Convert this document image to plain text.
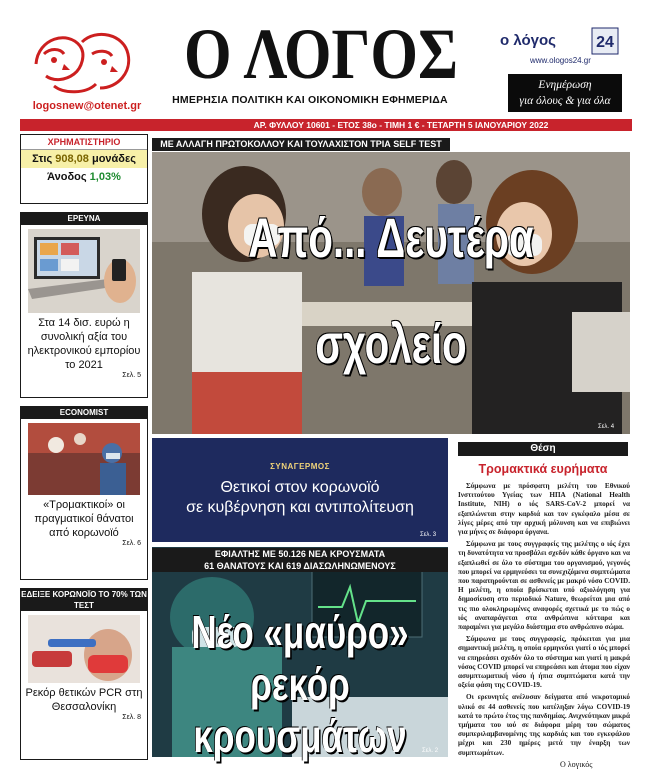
logosnew@otenet.gr
Ο ΛΟΓΟΣ
ΗΜΕΡΗΣΙΑ ΠΟΛΙΤΙΚΗ ΚΑΙ ΟΙΚΟΝΟΜΙΚΗ ΕΦΗΜΕΡΙΔΑ
ο λόγος	24
www.ologos24.gr
Ενημέρωση
για όλους & για όλα
ΑΡ. ΦΥΛΛΟΥ 10601 - ΕΤΟΣ 38ο - ΤΙΜΗ 1 € - ΤΕΤΑΡΤΗ 5 ΙΑΝΟΥΑΡΙΟΥ 2022
ΧΡΗΜΑΤΙΣΤΗΡΙΟ
Στις 908,08 μονάδες
Άνοδος 1,03%
ΕΡΕΥΝΑ
Στα 14 δισ. ευρώ η συνολική αξία του ηλεκτρονικού εμπορίου το 2021
Σελ. 5
ECONOMIST
«Τρομακτικοί» οι πραγματικοί θάνατοι από κορωνοϊό
Σελ. 6
ΕΔΕΙΞΕ ΚΟΡΩΝΟΪΟ ΤΟ 70% ΤΩΝ ΤΕΣΤ
Ρεκόρ θετικών PCR στη Θεσσαλονίκη
Σελ. 8
ΜΕ ΑΛΛΑΓΗ ΠΡΩΤΟΚΟΛΛΟΥ ΚΑΙ ΤΟΥΛΑΧΙΣΤΟΝ ΤΡΙΑ SELF TEST
Από... Δευτέρα
σχολείο
Σελ. 4
ΣΥΝΑΓΕΡΜΟΣ
Θετικοί στον κορωνοϊό
σε κυβέρνηση και αντιπολίτευση
Σελ. 3
ΕΦΙΑΛΤΗΣ ΜΕ 50.126 ΝΕΑ ΚΡΟΥΣΜΑΤΑ
61 ΘΑΝΑΤΟΥΣ ΚΑΙ 619 ΔΙΑΣΩΛΗΝΩΜΕΝΟΥΣ
Νέο «μαύρο»
ρεκόρ κρουσμάτων	Σελ. 2
Θέση
Τρομακτικά ευρήματα

Σύμφωνα με πρόσφατη μελέτη του Εθνικού Ινστιτούτου Υγείας των ΗΠΑ (National Health Institute, NIH) ο ιός SARS-CoV-2 μπορεί να εξαπλώνεται στην καρδιά και τον εγκέφαλο μέσα σε λίγες μέρες από την αρχική μόλυνση και να επιβιώνει για μήνες σε διάφορα όργανα.

Σύμφωνα με τους συγγραφείς της μελέτης ο ιός έχει τη δυνατότητα να προσβάλει σχεδόν κάθε όργανο και να εξαπλωθεί σε όλο το σύστημα του οργανισμού, γεγονός που μπορεί να ερμηνεύσει τα συνεχιζόμενα συμπτώματα που παρατηρούνται σε ασθενείς με μακρύ νόσο COVID. Η μελέτη, η οποία βρίσκεται υπό αξιολόγηση για δημοσίευση στο περιοδικό Nature, θεωρείται μια από τις πιο ολοκληρωμένες αναφορές σχετικά με το πώς ο ιός αναπαράγεται στα ανθρώπινα κύτταρα και παραμένει για μεγάλο διάστημα στο ανθρώπινο σώμα.

Σύμφωνα με τους συγγραφείς, πρόκειται για μια σημαντική μελέτη, η οποία ερμηνεύει γιατί ο ιός μπορεί να επηρεάσει σχεδόν όλο το σύστημα και γιατί η μακρά νόσος COVID μπορεί να επηρεάσει και άτομα που είχαν ασυμπτωματική νόσο ή ήπια συμπτώματα κατά την οξεία φάση της COVID-19.

Οι ερευνητές ανέλυσαν δείγματα από νεκροτομικό υλικό σε 44 ασθενείς που κατέληξαν λόγω COVID-19 κατά το πρώτο έτος της πανδημίας. Ανιχνεύτηκαν μικρά τμήματα του ιού σε διάφορα μέρη του σώματος συμπεριλαμβανομένης της καρδιάς και του εγκεφάλου μέχρι και 230 ημέρες μετά την έναρξη των συμπτωμάτων.

Ο λογικός
